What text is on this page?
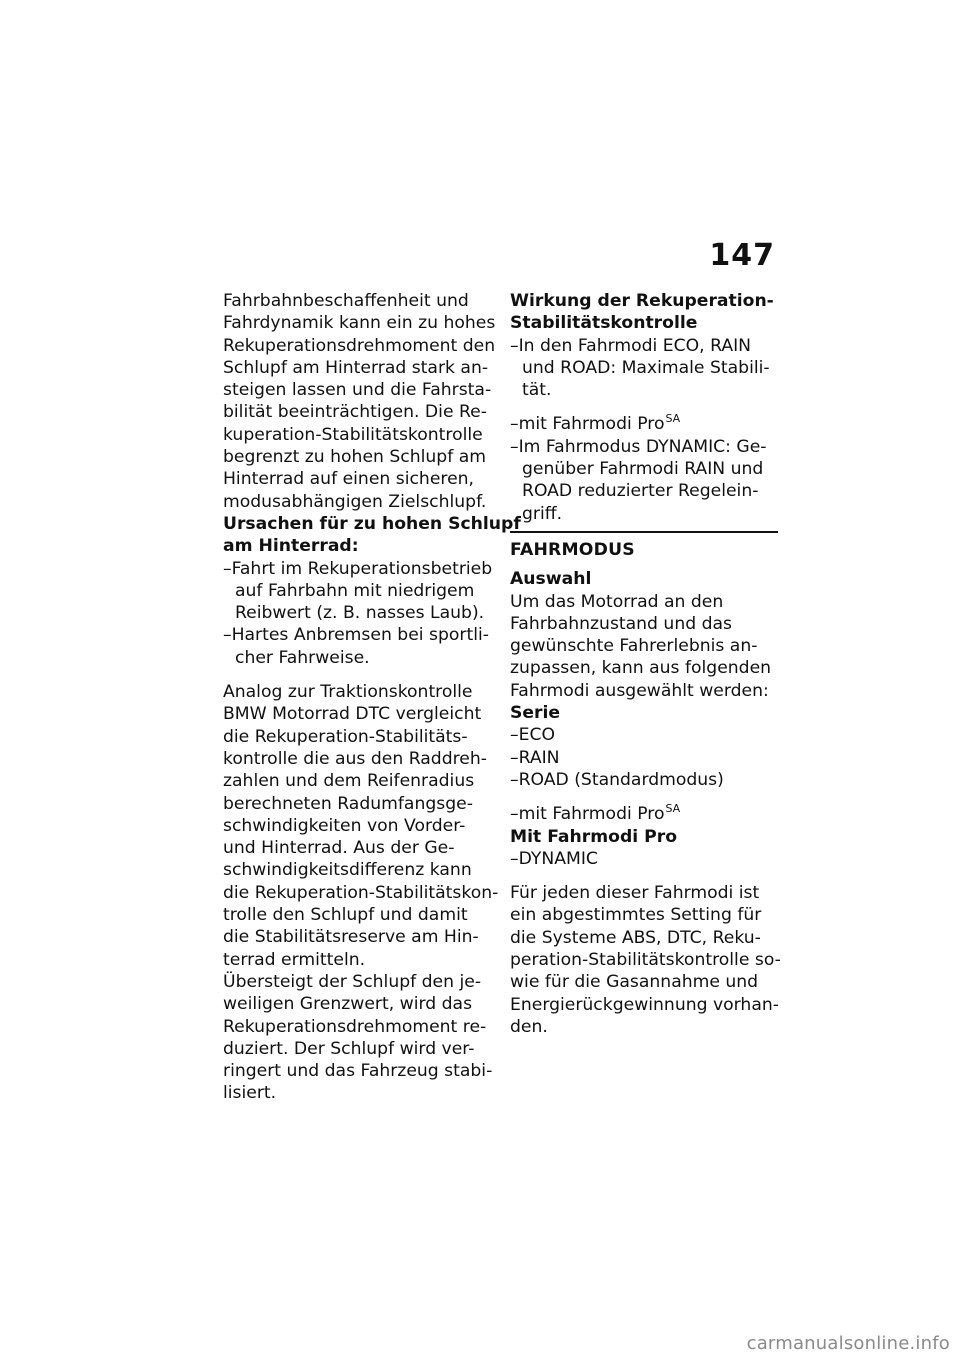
147
Fahrbahnbeschaffenheit und
Fahrdynamik kann ein zu hohes
Rekuperationsdrehmoment den
Schlupf am Hinterrad stark an-
steigen lassen und die Fahrsta-
bilität beeinträchtigen. Die Re-
kuperation-Stabilitätskontrolle
begrenzt zu hohen Schlupf am
Hinterrad auf einen sicheren,
modusabhängigen Zielschlupf.
Ursachen für zu hohen Schlupf
am Hinterrad:
–Fahrt im Rekuperationsbetrieb
auf Fahrbahn mit niedrigem
Reibwert (z. B. nasses Laub).
–Hartes Anbremsen bei sportli-
cher Fahrweise.
Analog zur Traktionskontrolle
BMW Motorrad DTC vergleicht
die Rekuperation-Stabilitäts-
kontrolle die aus den Raddreh-
zahlen und dem Reifenradius
berechneten Radumfangsge-
schwindigkeiten von Vorder-
und Hinterrad. Aus der Ge-
schwindigkeitsdifferenz kann
die Rekuperation-Stabilitätskon-
trolle den Schlupf und damit
die Stabilitätsreserve am Hin-
terrad ermitteln.
Übersteigt der Schlupf den je-
weiligen Grenzwert, wird das
Rekuperationsdrehmoment re-
duziert. Der Schlupf wird ver-
ringert und das Fahrzeug stabi-
lisiert.
Wirkung der Rekuperation-
Stabilitätskontrolle
–In den Fahrmodi ECO, RAIN
und ROAD: Maximale Stabili-
tät.
–mit Fahrmodi Pro$^{SA}$
–Im Fahrmodus DYNAMIC: Ge-
genüber Fahrmodi RAIN und
ROAD reduzierter Regelein-
griff.
FAHRMODUS
Auswahl
Um das Motorrad an den
Fahrbahnzustand und das
gewünschte Fahrerlebnis an-
zupassen, kann aus folgenden
Fahrmodi ausgewählt werden:
Serie
–ECO
–RAIN
–ROAD (Standardmodus)
–mit Fahrmodi Pro$^{SA}$
Mit Fahrmodi Pro
–DYNAMIC
Für jeden dieser Fahrmodi ist
ein abgestimmtes Setting für
die Systeme ABS, DTC, Reku-
peration-Stabilitätskontrolle so-
wie für die Gasannahme und
Energierückgewinnung vorhan-
den.
carmanualsonline.info
